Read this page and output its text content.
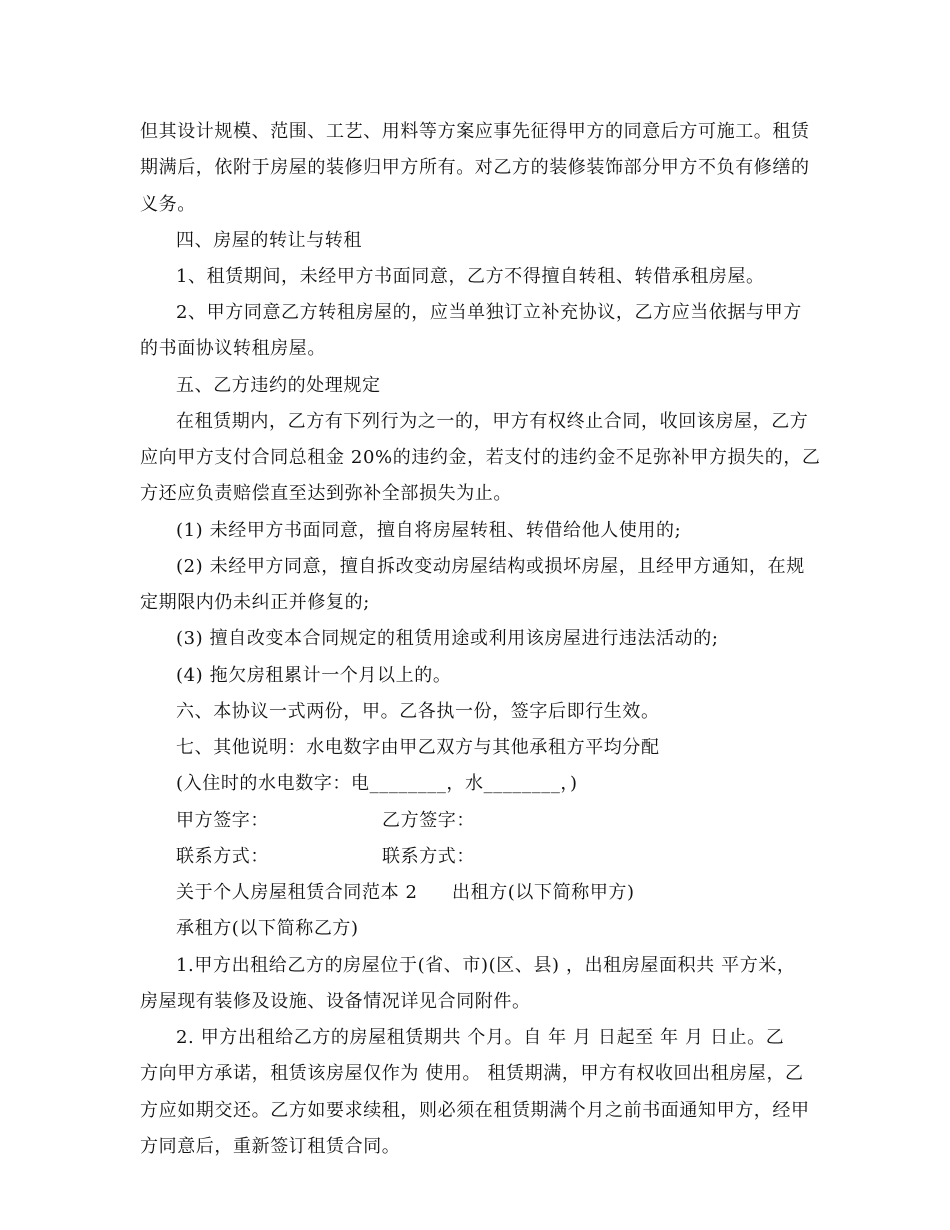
但其设计规模、范围、工艺、用料等方案应事先征得甲方的同意后方可施工。租赁
期满后，依附于房屋的装修归甲方所有。对乙方的装修装饰部分甲方不负有修缮的
义务。
四、房屋的转让与转租
1、租赁期间，未经甲方书面同意，乙方不得擅自转租、转借承租房屋。
2、甲方同意乙方转租房屋的，应当单独订立补充协议，乙方应当依据与甲方
的书面协议转租房屋。
五、乙方违约的处理规定
在租赁期内，乙方有下列行为之一的，甲方有权终止合同，收回该房屋，乙方
应向甲方支付合同总租金 20%的违约金，若支付的违约金不足弥补甲方损失的，乙
方还应负责赔偿直至达到弥补全部损失为止。
(1) 未经甲方书面同意，擅自将房屋转租、转借给他人使用的;
(2) 未经甲方同意，擅自拆改变动房屋结构或损坏房屋，且经甲方通知，在规
定期限内仍未纠正并修复的;
(3) 擅自改变本合同规定的租赁用途或利用该房屋进行违法活动的;
(4) 拖欠房租累计一个月以上的。
六、本协议一式两份，甲。乙各执一份，签字后即行生效。
七、其他说明：水电数字由甲乙双方与其他承租方平均分配
(入住时的水电数字：电________，水________，)
甲方签字：	乙方签字：
联系方式：	联系方式：
关于个人房屋租赁合同范本 2 出租方(以下简称甲方)
承租方(以下简称乙方)
1.甲方出租给乙方的房屋位于(省、市)(区、县) ，出租房屋面积共 平方米，
房屋现有装修及设施、设备情况详见合同附件。
2. 甲方出租给乙方的房屋租赁期共 个月。自 年 月 日起至 年 月 日止。乙
方向甲方承诺，租赁该房屋仅作为 使用。 租赁期满，甲方有权收回出租房屋，乙
方应如期交还。乙方如要求续租，则必须在租赁期满个月之前书面通知甲方，经甲
方同意后，重新签订租赁合同。
